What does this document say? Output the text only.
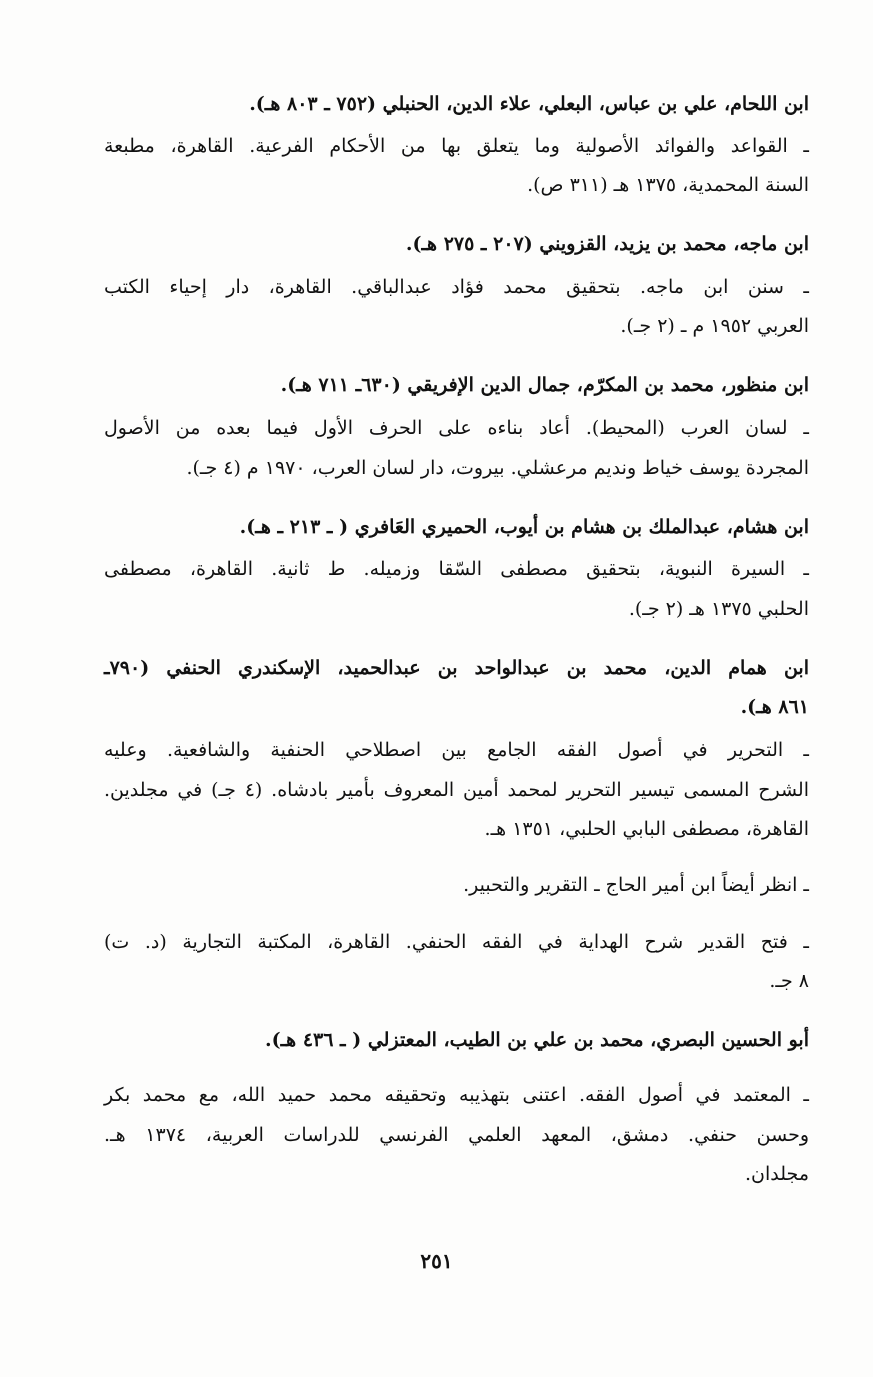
ابن اللحام، علي بن عباس، البعلي، علاء الدين، الحنبلي (٧٥٢ ـ ٨٠٣ هـ).
ـ القواعد والفوائد الأصولية وما يتعلق بها من الأحكام الفرعية. القاهرة، مطبعة
السنة المحمدية، ١٣٧٥ هـ (٣١١ ص).
ابن ماجه، محمد بن يزيد، القزويني (٢٠٧ ـ ٢٧٥ هـ).
ـ سنن ابن ماجه. بتحقيق محمد فؤاد عبدالباقي. القاهرة، دار إحياء الكتب
العربي ١٩٥٢ م ـ (٢ جـ).
ابن منظور، محمد بن المكرّم، جمال الدين الإفريقي (٦٣٠ـ ٧١١ هـ).
ـ لسان العرب (المحيط). أعاد بناءه على الحرف الأول فيما بعده من الأصول
المجردة يوسف خياط ونديم مرعشلي. بيروت، دار لسان العرب، ١٩٧٠ م (٤ جـ).
ابن هشام، عبدالملك بن هشام بن أيوب، الحميري العَافري ( ـ ٢١٣ ـ هـ).
ـ السيرة النبوية، بتحقيق مصطفى السّقا وزميله. ط ثانية. القاهرة، مصطفى
الحلبي ١٣٧٥ هـ (٢ جـ).
ابن همام الدين، محمد بن عبدالواحد بن عبدالحميد، الإسكندري الحنفي (٧٩٠ـ
٨٦١ هـ).
ـ التحرير في أصول الفقه الجامع بين اصطلاحي الحنفية والشافعية. وعليه
الشرح المسمى تيسير التحرير لمحمد أمين المعروف بأمير بادشاه. (٤ جـ) في مجلدين.
القاهرة، مصطفى البابي الحلبي، ١٣٥١ هـ.
ـ انظر أيضاً ابن أمير الحاج ـ التقرير والتحبير.
ـ فتح القدير شرح الهداية في الفقه الحنفي. القاهرة، المكتبة التجارية (د. ت)
٨ جـ.
أبو الحسين البصري، محمد بن علي بن الطيب، المعتزلي ( ـ ٤٣٦ هـ).
ـ المعتمد في أصول الفقه. اعتنى بتهذيبه وتحقيقه محمد حميد الله، مع محمد بكر
وحسن حنفي. دمشق، المعهد العلمي الفرنسي للدراسات العربية، ١٣٧٤ هـ.
مجلدان.
٢٥١
